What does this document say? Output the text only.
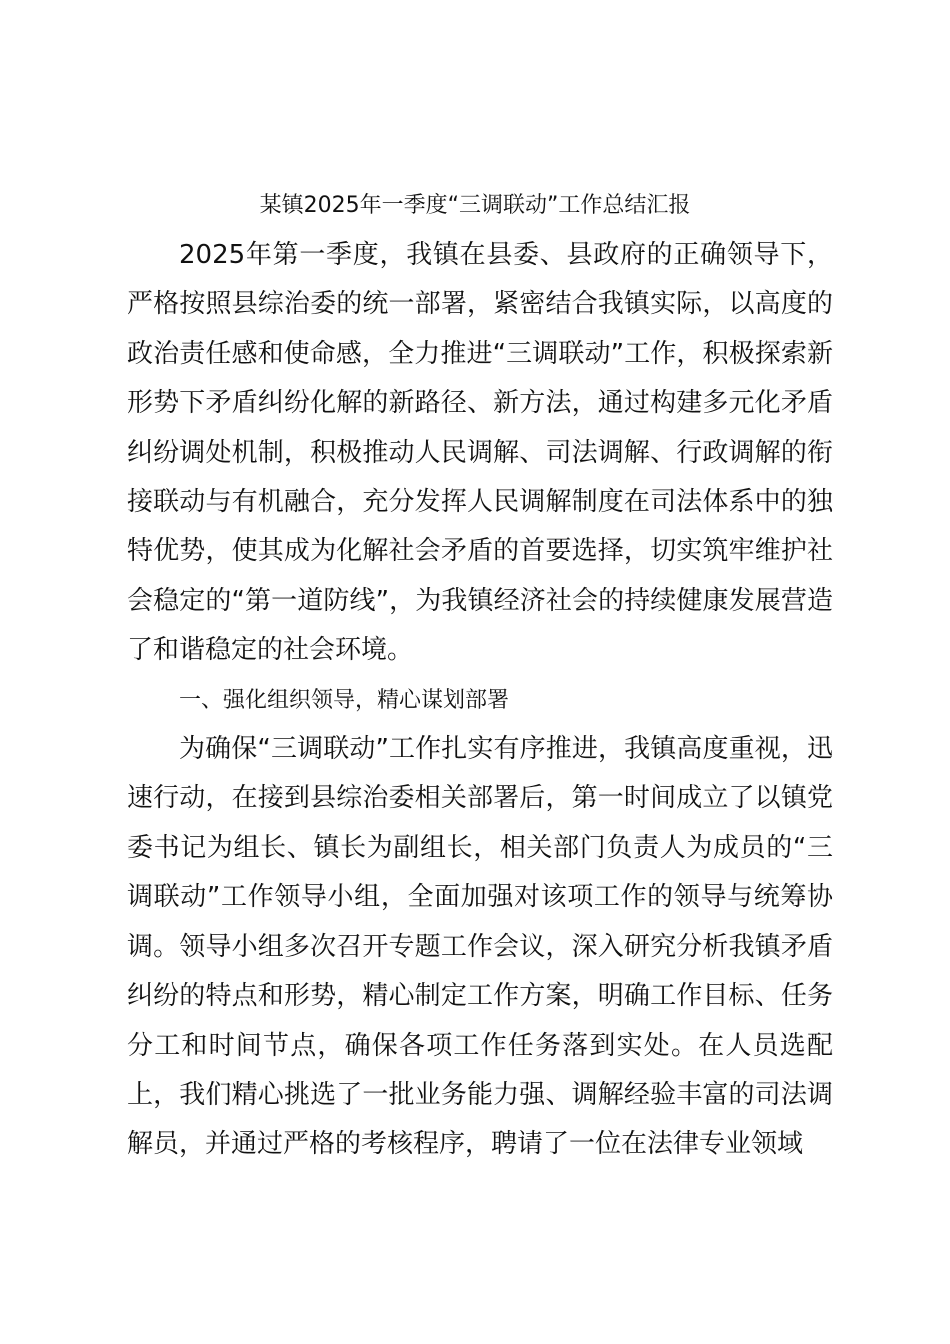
某镇2025年一季度“三调联动”工作总结汇报

2025年第一季度，我镇在县委、县政府的正确领导下，严格按照县综治委的统一部署，紧密结合我镇实际，以高度的政治责任感和使命感，全力推进“三调联动”工作，积极探索新形势下矛盾纠纷化解的新路径、新方法，通过构建多元化矛盾纠纷调处机制，积极推动人民调解、司法调解、行政调解的衔接联动与有机融合，充分发挥人民调解制度在司法体系中的独特优势，使其成为化解社会矛盾的首要选择，切实筑牢维护社会稳定的“第一道防线”，为我镇经济社会的持续健康发展营造了和谐稳定的社会环境。

一、强化组织领导，精心谋划部署

为确保“三调联动”工作扎实有序推进，我镇高度重视，迅速行动，在接到县综治委相关部署后，第一时间成立了以镇党委书记为组长、镇长为副组长，相关部门负责人为成员的“三调联动”工作领导小组，全面加强对该项工作的领导与统筹协调。领导小组多次召开专题工作会议，深入研究分析我镇矛盾纠纷的特点和形势，精心制定工作方案，明确工作目标、任务分工和时间节点，确保各项工作任务落到实处。在人员选配上，我们精心挑选了一批业务能力强、调解经验丰富的司法调解员，并通过严格的考核程序，聘请了一位在法律专业领域
